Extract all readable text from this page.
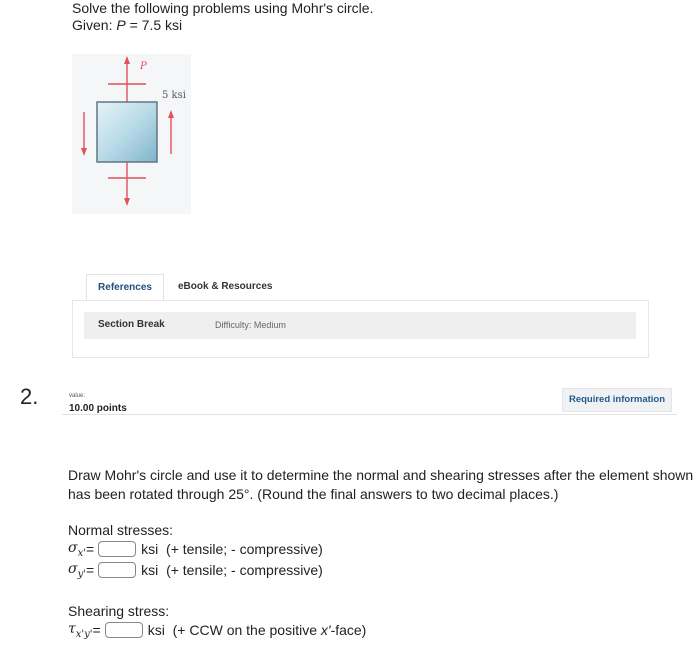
Solve the following problems using Mohr's circle.
Given: P = 7.5 ksi
P
5 ksi
References	eBook & Resources
Section Break	Difficulty: Medium
2.	value:
10.00 points
Required information
Draw Mohr's circle and use it to determine the normal and shearing stresses after the element shown has been rotated through 25°. (Round the final answers to two decimal places.)
Normal stresses:
$\sigma_{x'}$ =	ksi
(+ tensile; - compressive)
$\sigma_{y'}$ =	ksi
(+ tensile; - compressive)
Shearing stress:
$\tau_{x'y'}$ =	ksi
(+ CCW on the positive x'-face)
